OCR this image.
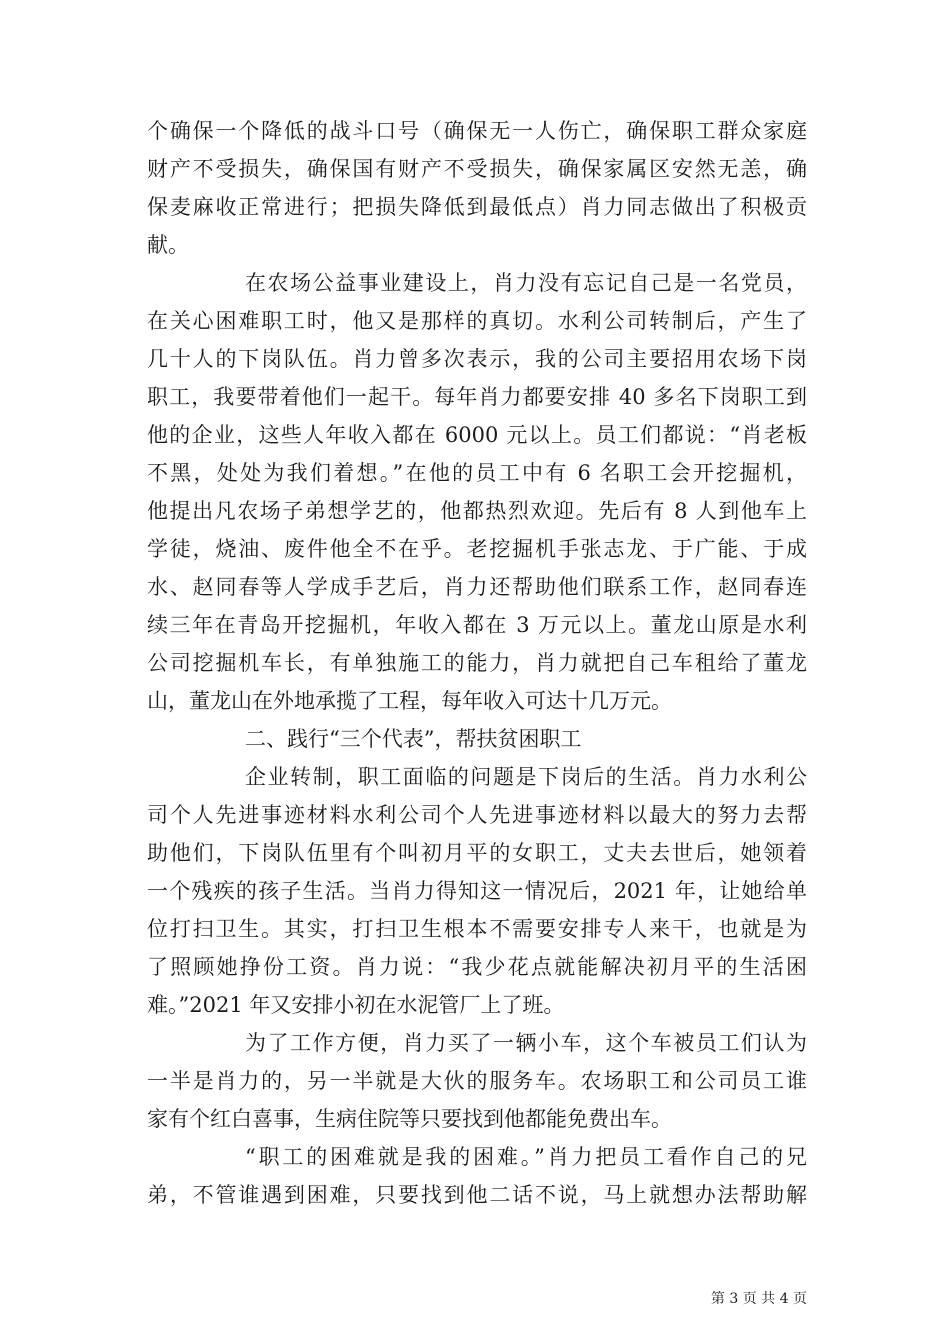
个确保一个降低的战斗口号（确保无一人伤亡，确保职工群众家庭
财产不受损失，确保国有财产不受损失，确保家属区安然无恙，确
保麦麻收正常进行；把损失降低到最低点）肖力同志做出了积极贡
献。
在农场公益事业建设上，肖力没有忘记自己是一名党员，
在关心困难职工时，他又是那样的真切。水利公司转制后，产生了
几十人的下岗队伍。肖力曾多次表示，我的公司主要招用农场下岗
职工，我要带着他们一起干。每年肖力都要安排 40 多名下岗职工到
他的企业，这些人年收入都在 6000 元以上。员工们都说：“肖老板
不黑，处处为我们着想。”在他的员工中有 6 名职工会开挖掘机，
他提出凡农场子弟想学艺的，他都热烈欢迎。先后有 8 人到他车上
学徒，烧油、废件他全不在乎。老挖掘机手张志龙、于广能、于成
水、赵同春等人学成手艺后，肖力还帮助他们联系工作，赵同春连
续三年在青岛开挖掘机，年收入都在 3 万元以上。董龙山原是水利
公司挖掘机车长，有单独施工的能力，肖力就把自己车租给了董龙
山，董龙山在外地承揽了工程，每年收入可达十几万元。
二、践行“三个代表”，帮扶贫困职工
企业转制，职工面临的问题是下岗后的生活。肖力水利公
司个人先进事迹材料水利公司个人先进事迹材料以最大的努力去帮
助他们，下岗队伍里有个叫初月平的女职工，丈夫去世后，她领着
一个残疾的孩子生活。当肖力得知这一情况后，2021 年，让她给单
位打扫卫生。其实，打扫卫生根本不需要安排专人来干，也就是为
了照顾她挣份工资。肖力说：“我少花点就能解决初月平的生活困
难。”2021 年又安排小初在水泥管厂上了班。
为了工作方便，肖力买了一辆小车，这个车被员工们认为
一半是肖力的，另一半就是大伙的服务车。农场职工和公司员工谁
家有个红白喜事，生病住院等只要找到他都能免费出车。
“职工的困难就是我的困难。”肖力把员工看作自己的兄
弟，不管谁遇到困难，只要找到他二话不说，马上就想办法帮助解
第 3 页 共 4 页
